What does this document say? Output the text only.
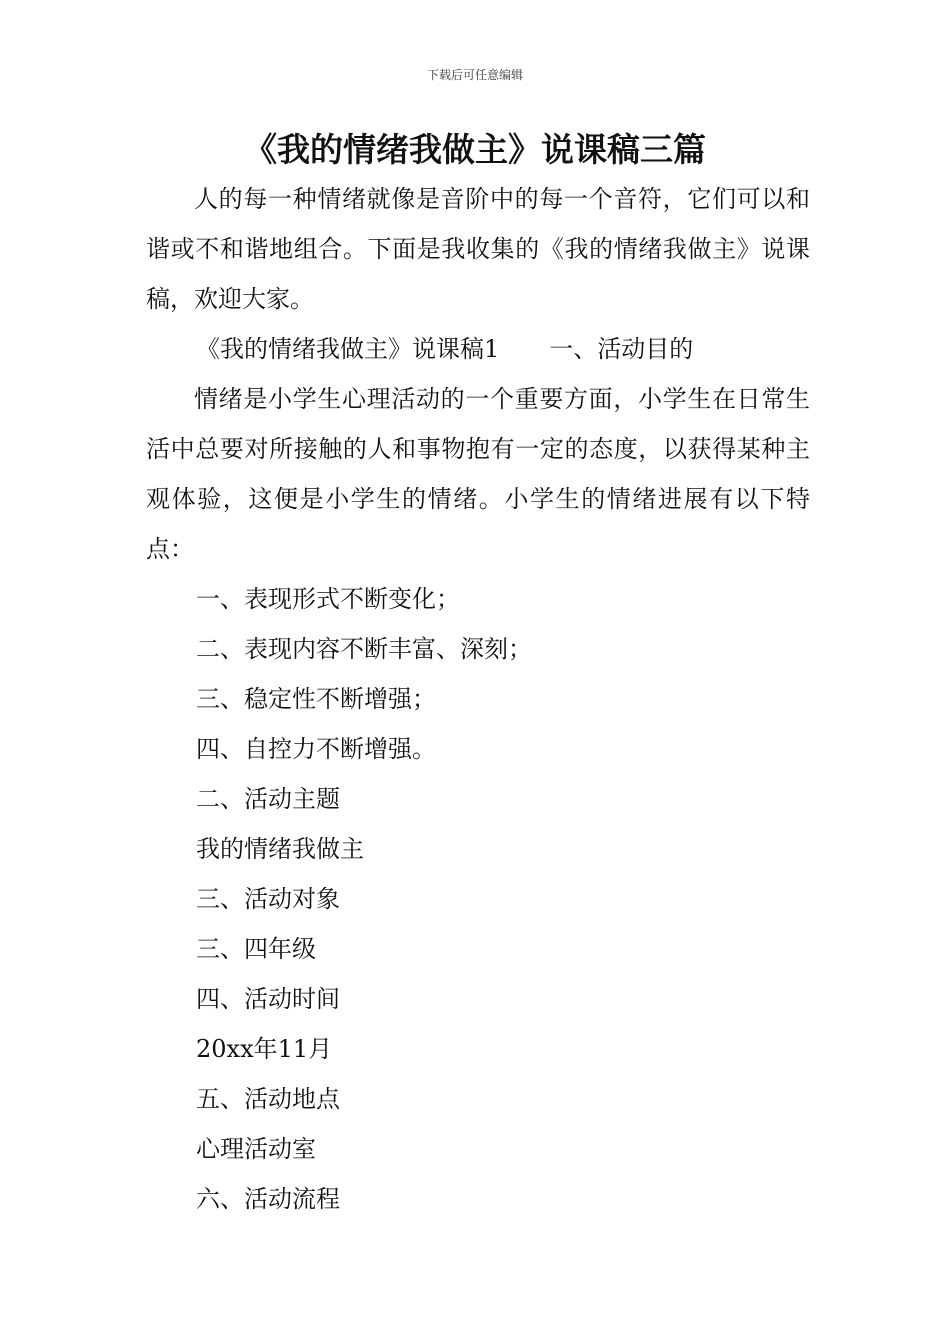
下载后可任意编辑
《我的情绪我做主》说课稿三篇

人的每一种情绪就像是音阶中的每一个音符，它们可以和谐或不和谐地组合。下面是我收集的《我的情绪我做主》说课稿，欢迎大家。

《我的情绪我做主》说课稿1 一、活动目的

情绪是小学生心理活动的一个重要方面，小学生在日常生活中总要对所接触的人和事物抱有一定的态度，以获得某种主观体验，这便是小学生的情绪。小学生的情绪进展有以下特点：

一、表现形式不断变化；

二、表现内容不断丰富、深刻；

三、稳定性不断增强；

四、自控力不断增强。

二、活动主题

我的情绪我做主

三、活动对象

三、四年级

四、活动时间

20xx年11月

五、活动地点

心理活动室

六、活动流程
